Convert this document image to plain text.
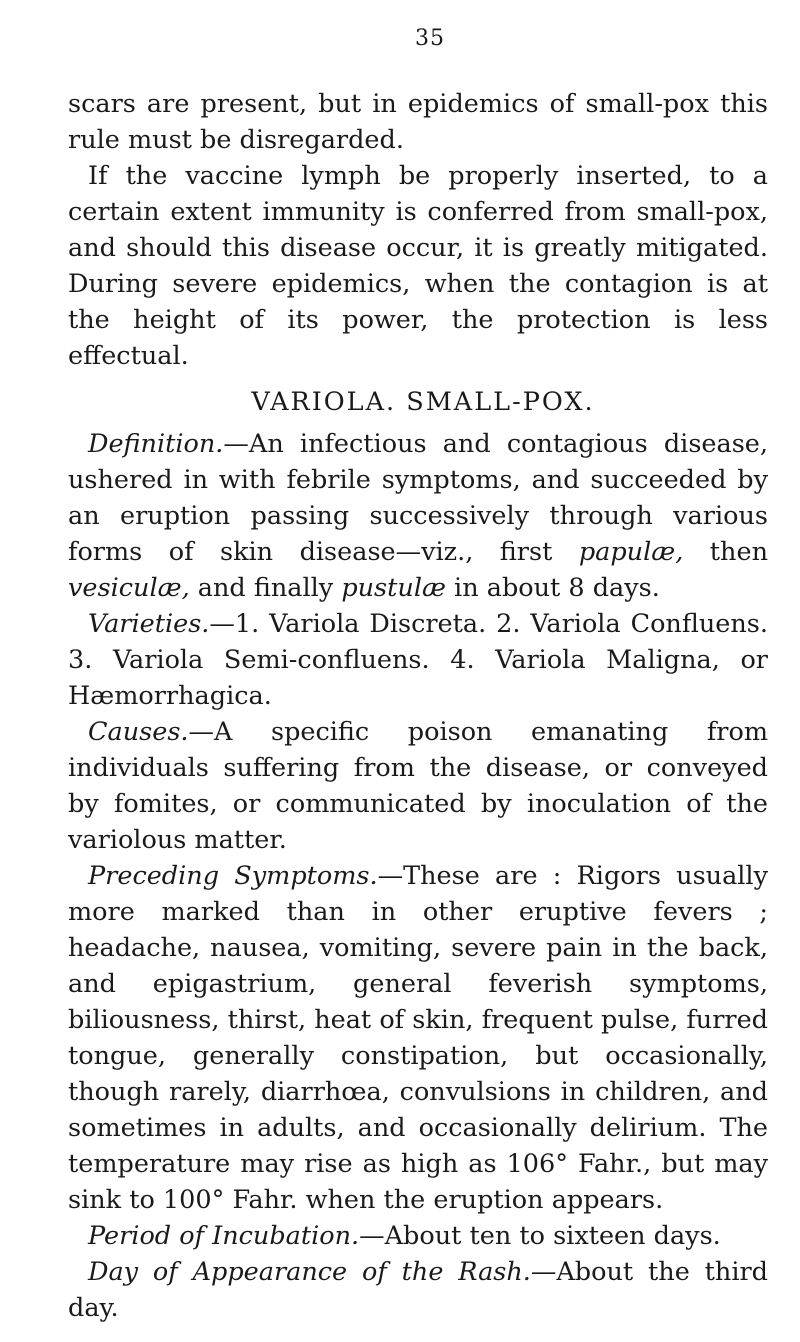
35

scars are present, but in epidemics of small-pox this rule must be disregarded.

If the vaccine lymph be properly inserted, to a certain extent immunity is conferred from small-pox, and should this disease occur, it is greatly mitigated. During severe epidemics, when the contagion is at the height of its power, the protection is less effectual.

VARIOLA. SMALL-POX.

Definition.—An infectious and contagious disease, ushered in with febrile symptoms, and succeeded by an eruption passing successively through various forms of skin disease—viz., first papulæ, then vesiculæ, and finally pustulæ in about 8 days.

Varieties.—1. Variola Discreta. 2. Variola Confluens. 3. Variola Semi-confluens. 4. Variola Maligna, or Hæmorrhagica.

Causes.—A specific poison emanating from individuals suffering from the disease, or conveyed by fomites, or communicated by inoculation of the variolous matter.

Preceding Symptoms.—These are : Rigors usually more marked than in other eruptive fevers ; headache, nausea, vomiting, severe pain in the back, and epigastrium, general feverish symptoms, biliousness, thirst, heat of skin, frequent pulse, furred tongue, generally constipation, but occasionally, though rarely, diarrhœa, convulsions in children, and sometimes in adults, and occasionally delirium. The temperature may rise as high as 106° Fahr., but may sink to 100° Fahr. when the eruption appears.

Period of Incubation.—About ten to sixteen days.

Day of Appearance of the Rash.—About the third day.
